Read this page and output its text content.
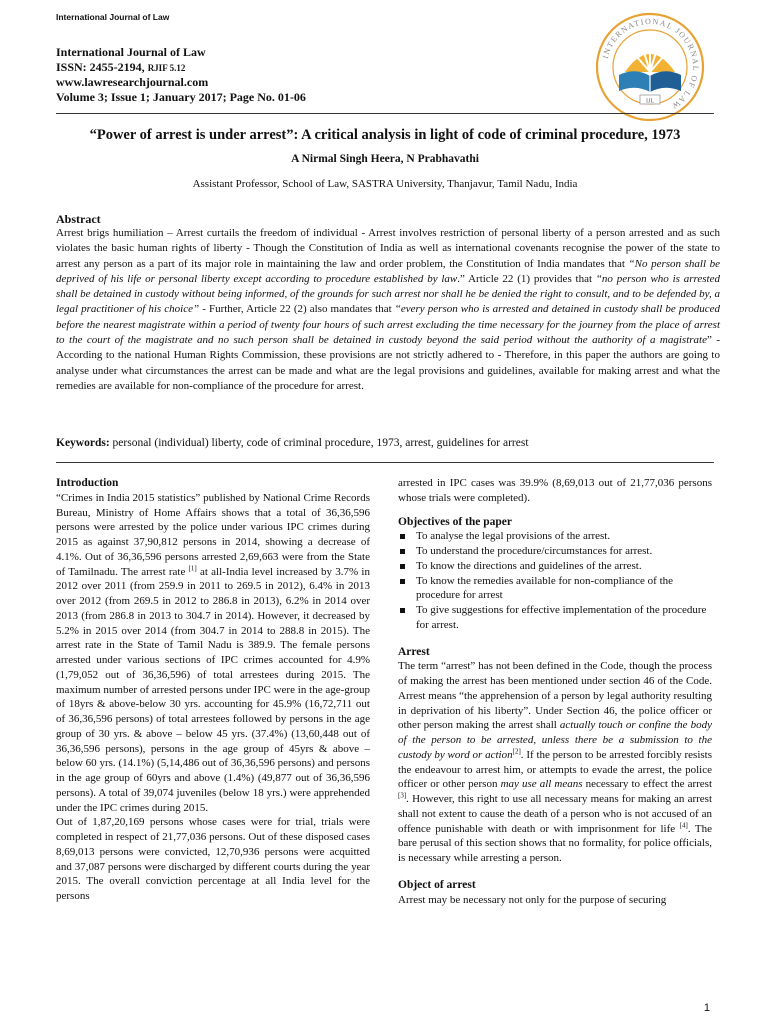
International Journal of Law
International Journal of Law
ISSN: 2455-2194, RJIF 5.12
www.lawresearchjournal.com
Volume 3; Issue 1; January 2017; Page No. 01-06
INTERNATIONAL JOURNAL OF LAW
IJL
“Power of arrest is under arrest”: A critical analysis in light of code of criminal procedure, 1973
A Nirmal Singh Heera, N Prabhavathi
Assistant Professor, School of Law, SASTRA University, Thanjavur, Tamil Nadu, India
Abstract

Arrest brigs humiliation – Arrest curtails the freedom of individual - Arrest involves restriction of personal liberty of a person arrested and as such violates the basic human rights of liberty - Though the Constitution of India as well as international covenants recognise the power of the state to arrest any person as a part of its major role in maintaining the law and order problem, the Constitution of India mandates that “No person shall be deprived of his life or personal liberty except according to procedure established by law.” Article 22 (1) provides that “no person who is arrested shall be detained in custody without being informed, of the grounds for such arrest nor shall he be denied the right to consult, and to be defended by, a legal practitioner of his choice” - Further, Article 22 (2) also mandates that “every person who is arrested and detained in custody shall be produced before the nearest magistrate within a period of twenty four hours of such arrest excluding the time necessary for the journey from the place of arrest to the court of the magistrate and no such person shall be detained in custody beyond the said period without the authority of a magistrate” - According to the national Human Rights Commission, these provisions are not strictly adhered to - Therefore, in this paper the authors are going to analyse under what circumstances the arrest can be made and what are the legal provisions and guidelines, available for making arrest and what the remedies are available for non-compliance of the procedure for arrest.

Keywords: personal (individual) liberty, code of criminal procedure, 1973, arrest, guidelines for arrest

Introduction

“Crimes in India 2015 statistics” published by National Crime Records Bureau, Ministry of Home Affairs shows that a total of 36,36,596 persons were arrested by the police under various IPC crimes during 2015 as against 37,90,812 persons in 2014, showing a decrease of 4.1%. Out of 36,36,596 persons arrested 2,69,663 were from the State of Tamilnadu. The arrest rate [1] at all-India level increased by 3.7% in 2012 over 2011 (from 259.9 in 2011 to 269.5 in 2012), 6.4% in 2013 over 2012 (from 269.5 in 2012 to 286.8 in 2013), 6.2% in 2014 over 2013 (from 286.8 in 2013 to 304.7 in 2014). However, it decreased by 5.2% in 2015 over 2014 (from 304.7 in 2014 to 288.8 in 2015). The arrest rate in the State of Tamil Nadu is 389.9. The female persons arrested under various sections of IPC crimes accounted for 4.9% (1,79,052 out of 36,36,596) of total arrestees during 2015. The maximum number of arrested persons under IPC were in the age-group of 18yrs & above-below 30 yrs. accounting for 45.9% (16,72,711 out of 36,36,596 persons) of total arrestees followed by persons in the age group of 30 yrs. & above – below 45 yrs. (37.4%) (13,60,448 out of 36,36,596 persons), persons in the age group of 45yrs & above – below 60 yrs. (14.1%) (5,14,486 out of 36,36,596 persons) and persons in the age group of 60yrs and above (1.4%) (49,877 out of 36,36,596 persons). A total of 39,074 juveniles (below 18 yrs.) were apprehended under the IPC crimes during 2015.

Out of 1,87,20,169 persons whose cases were for trial, trials were completed in respect of 21,77,036 persons. Out of these disposed cases 8,69,013 persons were convicted, 12,70,936 persons were acquitted and 37,087 persons were discharged by different courts during the year 2015. The overall conviction percentage at all India level for the persons

arrested in IPC cases was 39.9% (8,69,013 out of 21,77,036 persons whose trials were completed).

Objectives of the paper

To analyse the legal provisions of the arrest.
To understand the procedure/circumstances for arrest.
To know the directions and guidelines of the arrest.
To know the remedies available for non-compliance of the procedure for arrest
To give suggestions for effective implementation of the procedure for arrest.

Arrest

The term “arrest” has not been defined in the Code, though the process of making the arrest has been mentioned under section 46 of the Code. Arrest means “the apprehension of a person by legal authority resulting in deprivation of his liberty”. Under Section 46, the police officer or other person making the arrest shall actually touch or confine the body of the person to be arrested, unless there be a submission to the custody by word or action[2]. If the person to be arrested forcibly resists the endeavour to arrest him, or attempts to evade the arrest, the police officer or other person may use all means necessary to effect the arrest [3]. However, this right to use all necessary means for making an arrest shall not extent to cause the death of a person who is not accused of an offence punishable with death or with imprisonment for life [4]. The bare perusal of this section shows that no formality, for police officials, is necessary while arresting a person.

Object of arrest

Arrest may be necessary not only for the purpose of securing

1
